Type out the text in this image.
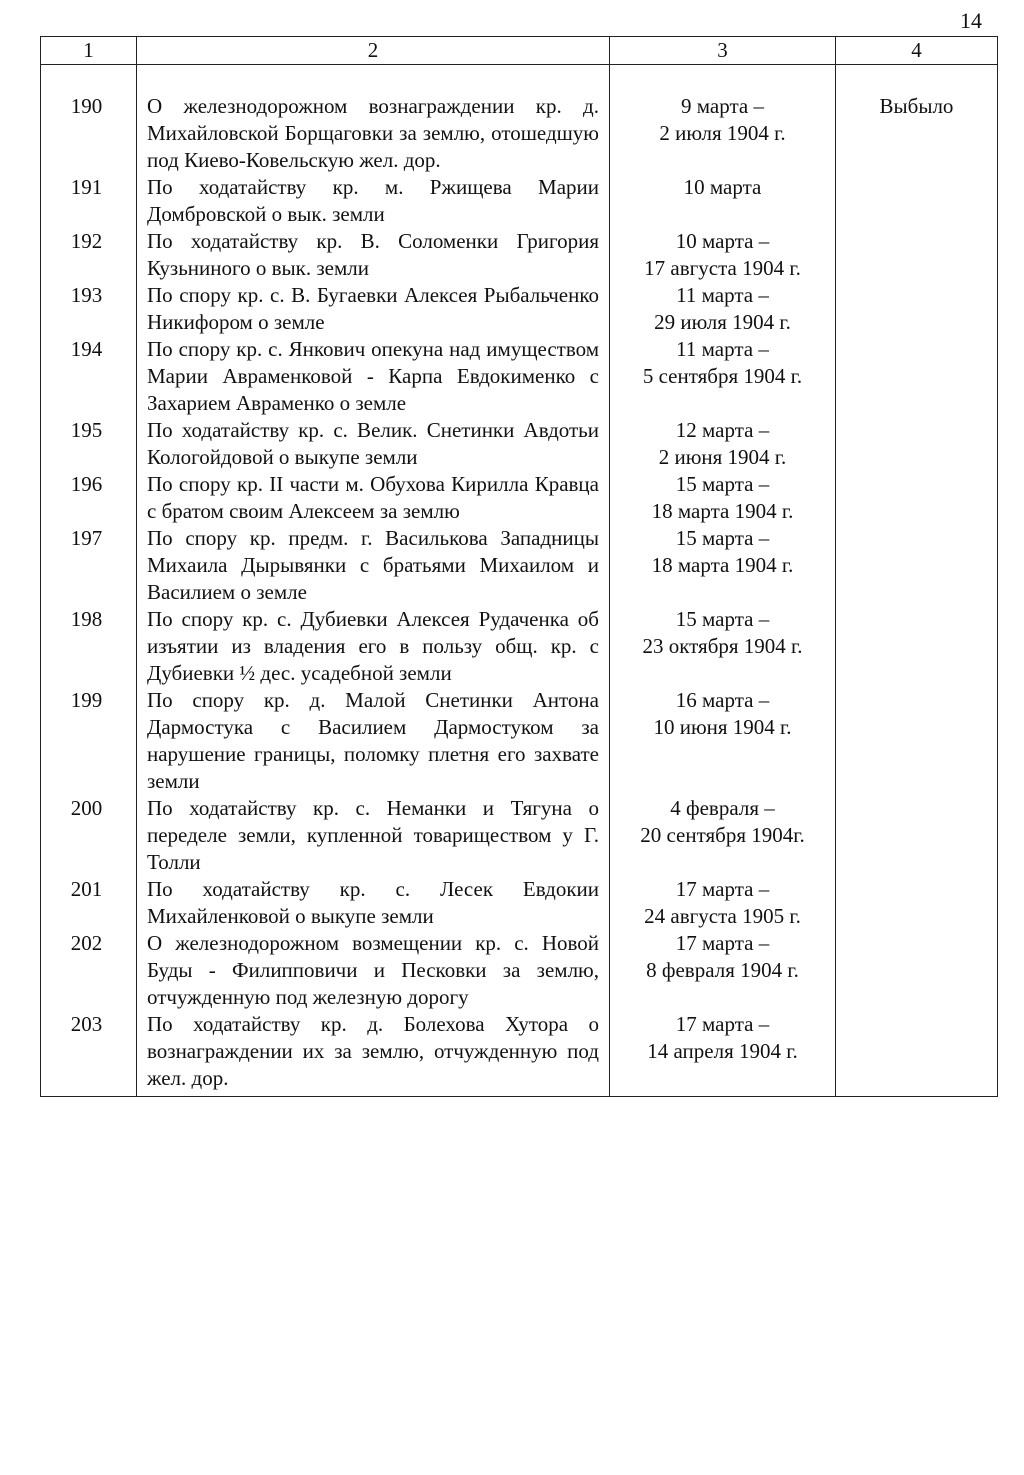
14
1	2	3	4
190	О железнодорожном вознаграждении кр. д. Михайловской Борщаговки за землю, отошедшую под Киево-Ковельскую жел. дор.	9 марта –
2 июля 1904 г.	Выбыло
191	По ходатайству кр. м. Ржищева Марии Домбровской о вык. земли	10 марта	
192	По ходатайству кр. В. Соломенки Григория Кузьниного о вык. земли	10 марта –
17 августа 1904 г.	
193	По спору кр. с. В. Бугаевки Алексея Рыбальченко Никифором о земле	11 марта –
29 июля 1904 г.	
194	По спору кр. с. Янкович опекуна над имуществом Марии Авраменковой - Карпа Евдокименко с Захарием Авраменко о земле	11 марта –
5 сентября 1904 г.	
195	По ходатайству кр. с. Велик. Снетинки Авдотьи Кологойдовой о выкупе земли	12 марта –
2 июня 1904 г.	
196	По спору кр. II части м. Обухова Кирилла Кравца с братом своим Алексеем за землю	15 марта –
18 марта 1904 г.	
197	По спору кр. предм. г. Василькова Западницы Михаила Дырывянки с братьями Михаилом и Василием о земле	15 марта –
18 марта 1904 г.	
198	По спору кр. с. Дубиевки Алексея Рудаченка об изъятии из владения его в пользу общ. кр. с Дубиевки ½ дес. усадебной земли	15 марта –
23 октября 1904 г.	
199	По спору кр. д. Малой Снетинки Антона Дармостука с Василием Дармостуком за нарушение границы, поломку плетня его захвате земли	16 марта –
10 июня 1904 г.	
200	По ходатайству кр. с. Неманки и Тягуна о переделе земли, купленной товариществом у Г. Толли	4 февраля –
20 сентября 1904г.	
201	По ходатайству кр. с. Лесек Евдокии Михайленковой о выкупе земли	17 марта –
24 августа 1905 г.	
202	О железнодорожном возмещении кр. с. Новой Буды - Филипповичи и Песковки за землю, отчужденную под железную дорогу	17 марта –
8 февраля 1904 г.	
203	По ходатайству кр. д. Болехова Хутора о вознаграждении их за землю, отчужденную под жел. дор.	17 марта –
14 апреля 1904 г.	
